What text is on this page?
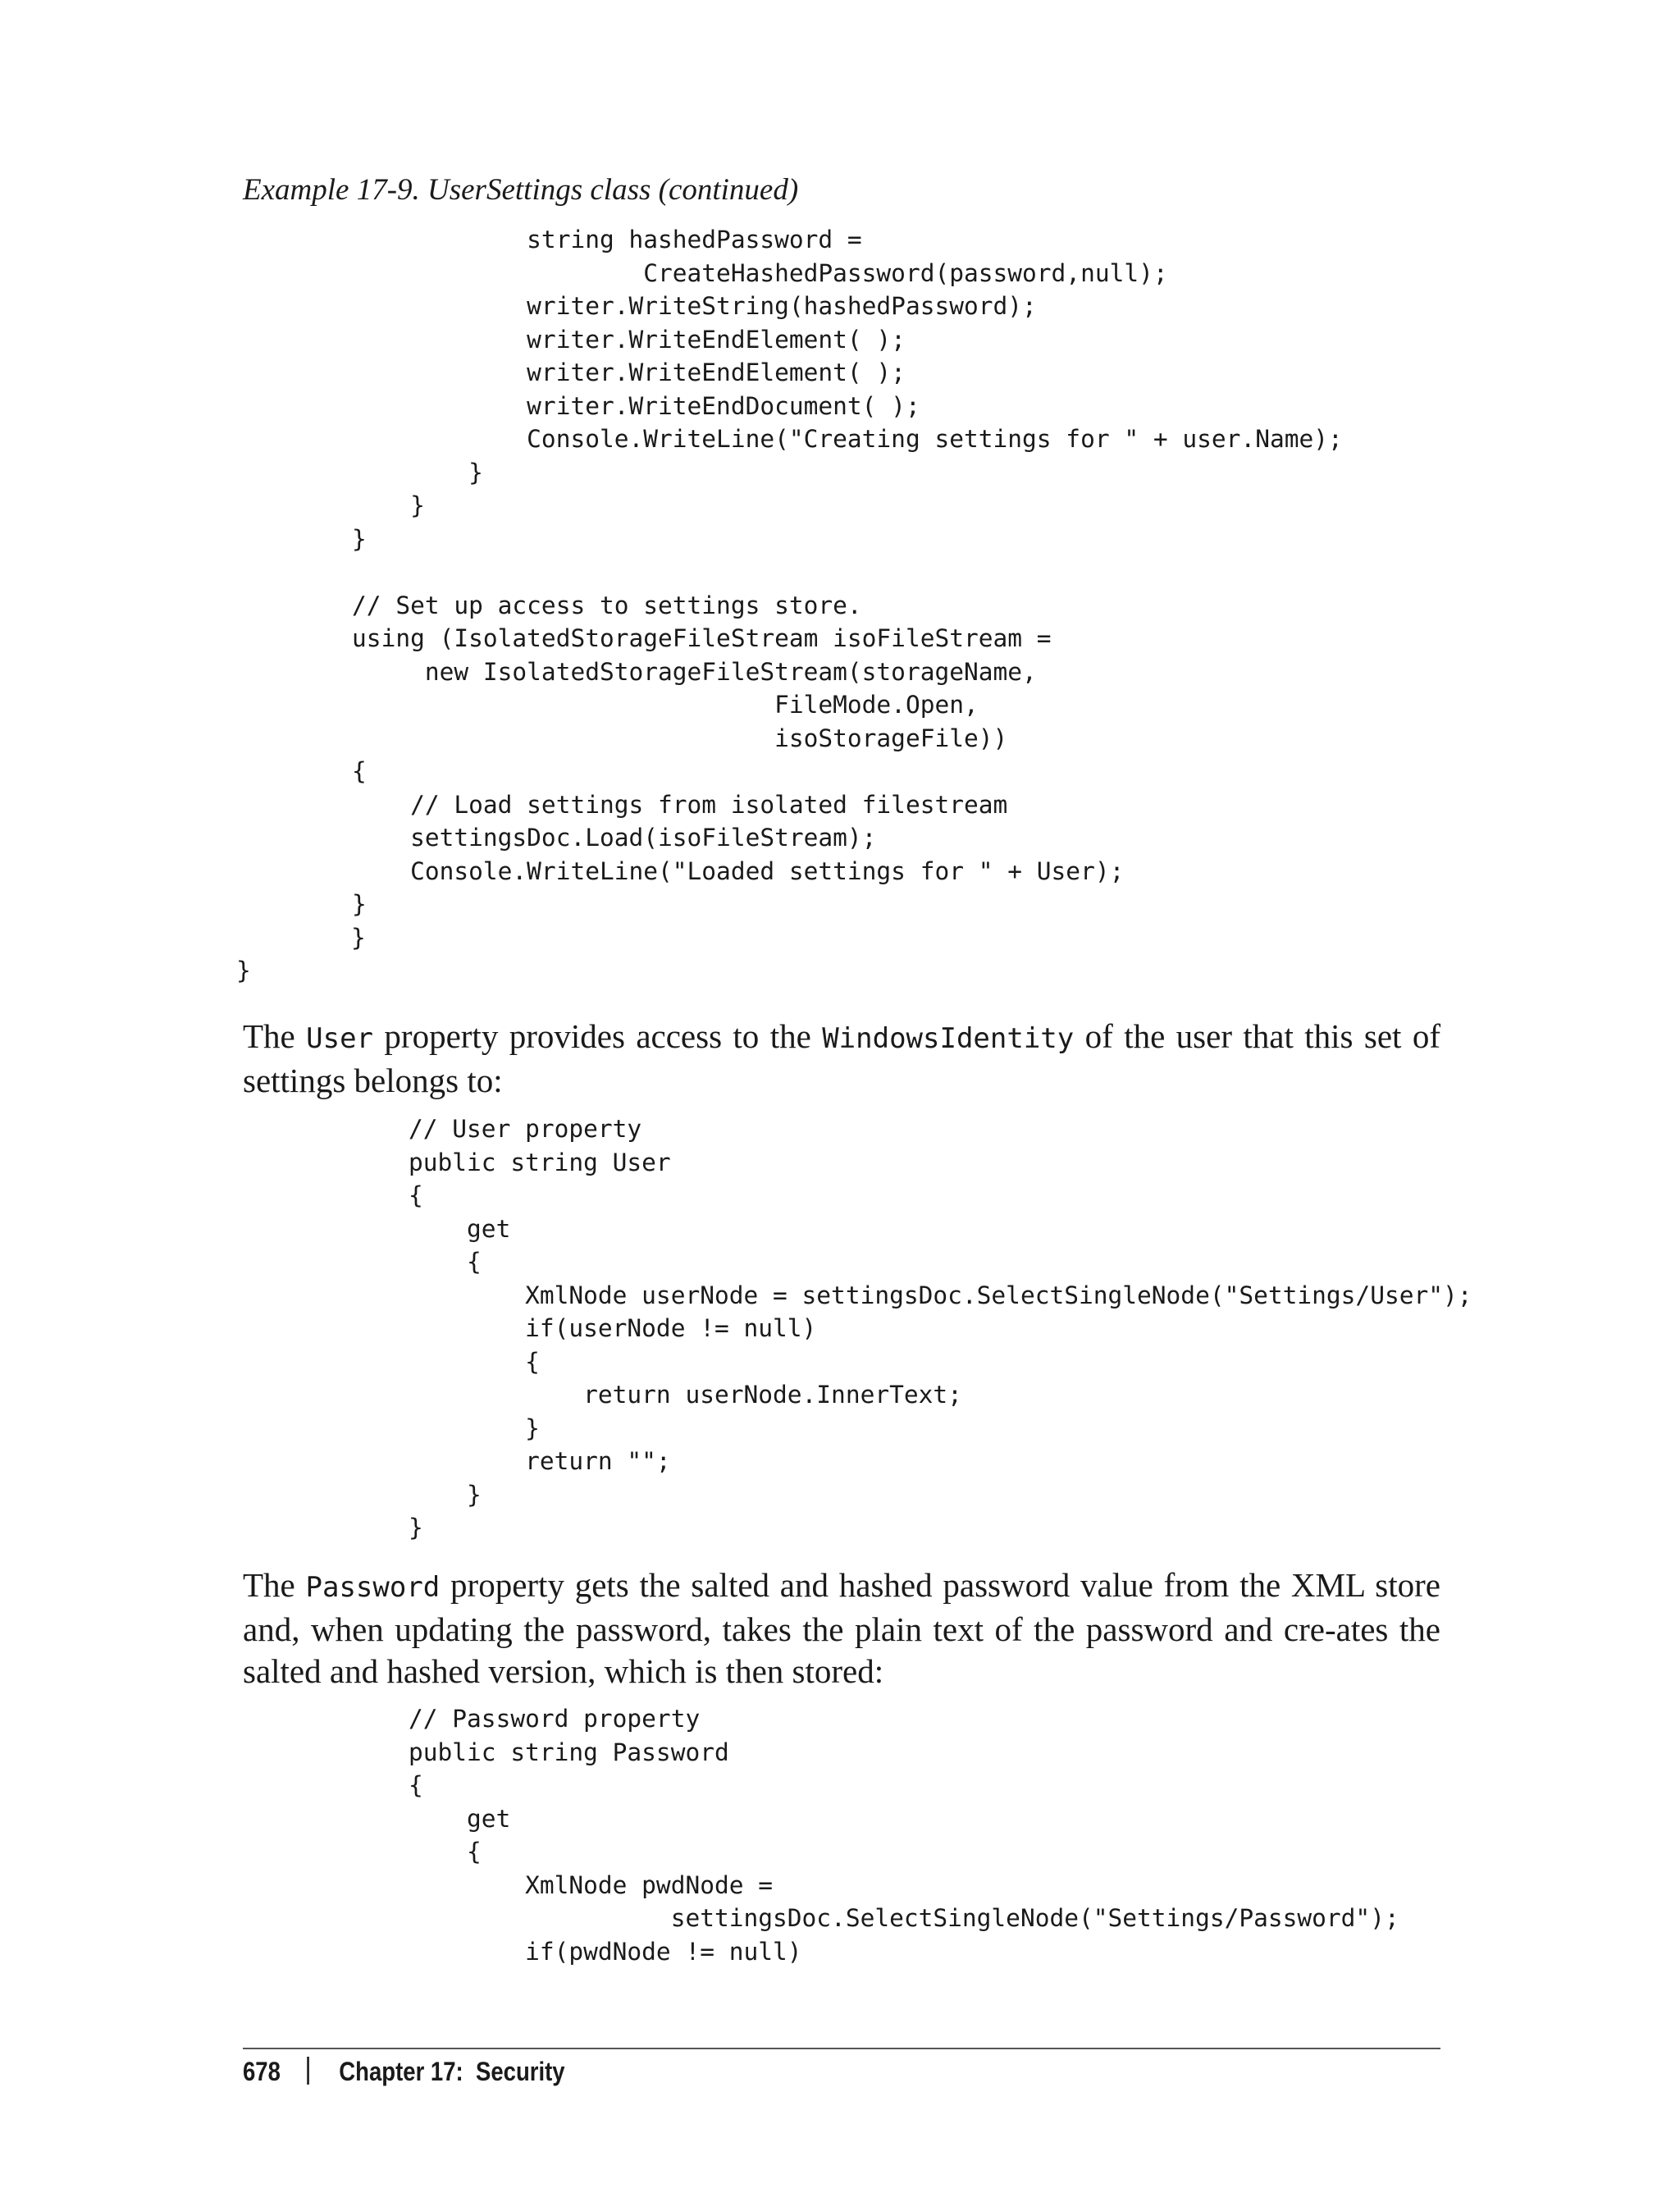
Example 17-9. UserSettings class (continued)
string hashedPassword =
CreateHashedPassword(password,null);
writer.WriteString(hashedPassword);
writer.WriteEndElement( );
writer.WriteEndElement( );
writer.WriteEndDocument( );
Console.WriteLine("Creating settings for " + user.Name);
}
}
}
// Set up access to settings store.
using (IsolatedStorageFileStream isoFileStream =
new IsolatedStorageFileStream(storageName,
FileMode.Open,
isoStorageFile))
{
// Load settings from isolated filestream
settingsDoc.Load(isoFileStream);
Console.WriteLine("Loaded settings for " + User);
}
}
}

The User property provides access to the WindowsIdentity of the user that this set of settings belongs to:

// User property
public string User
{
get
{
XmlNode userNode = settingsDoc.SelectSingleNode("Settings/User");
if(userNode != null)
{
return userNode.InnerText;
}
return "";
}
}

The Password property gets the salted and hashed password value from the XML store and, when updating the password, takes the plain text of the password and cre-ates the salted and hashed version, which is then stored:

// Password property
public string Password
{
get
{
XmlNode pwdNode =
settingsDoc.SelectSingleNode("Settings/Password");
if(pwdNode != null)
678 Chapter 17:  Security
